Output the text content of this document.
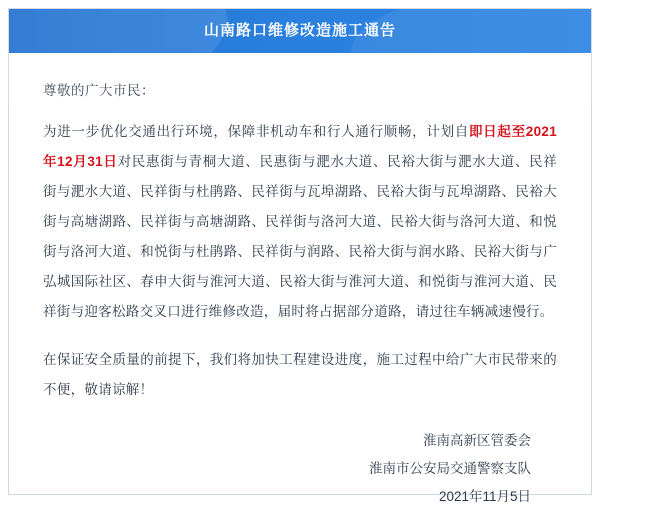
山南路口维修改造施工通告
尊敬的广大市民：
为进一步优化交通出行环境，保障非机动车和行人通行顺畅，计划自即日起至2021年12月31日对民惠街与青桐大道、民惠街与淝水大道、民裕大街与淝水大道、民祥街与淝水大道、民祥街与杜鹃路、民祥街与瓦埠湖路、民裕大街与瓦埠湖路、民裕大街与高塘湖路、民祥街与高塘湖路、民祥街与洛河大道、民裕大街与洛河大道、和悦街与洛河大道、和悦街与杜鹃路、民祥街与润路、民裕大街与润水路、民裕大街与广弘城国际社区、春申大街与淮河大道、民裕大街与淮河大道、和悦街与淮河大道、民祥街与迎客松路交叉口进行维修改造，届时将占据部分道路，请过往车辆减速慢行。
在保证安全质量的前提下，我们将加快工程建设进度，施工过程中给广大市民带来的不便，敬请谅解！
淮南高新区管委会
淮南市公安局交通警察支队
2021年11月5日
